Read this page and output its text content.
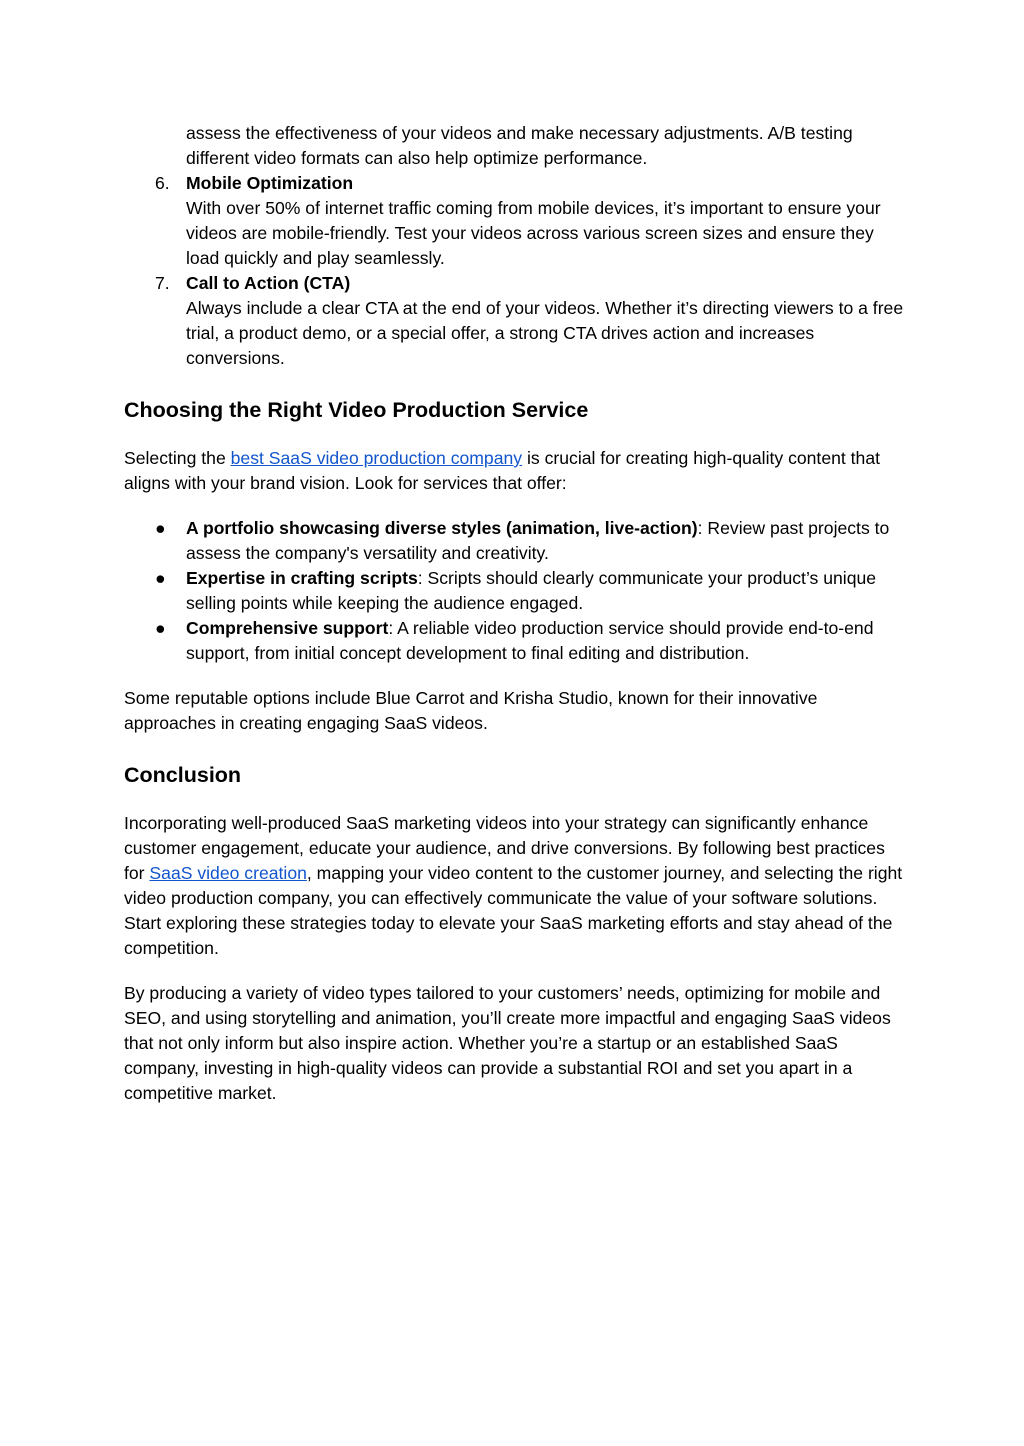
assess the effectiveness of your videos and make necessary adjustments. A/B testing different video formats can also help optimize performance.

6. Mobile Optimization
With over 50% of internet traffic coming from mobile devices, it’s important to ensure your videos are mobile-friendly. Test your videos across various screen sizes and ensure they load quickly and play seamlessly.
7. Call to Action (CTA)
Always include a clear CTA at the end of your videos. Whether it’s directing viewers to a free trial, a product demo, or a special offer, a strong CTA drives action and increases conversions.
Choosing the Right Video Production Service

Selecting the best SaaS video production company is crucial for creating high-quality content that aligns with your brand vision. Look for services that offer:

● A portfolio showcasing diverse styles (animation, live-action): Review past projects to assess the company's versatility and creativity.
● Expertise in crafting scripts: Scripts should clearly communicate your product’s unique selling points while keeping the audience engaged.
● Comprehensive support: A reliable video production service should provide end-to-end support, from initial concept development to final editing and distribution.

Some reputable options include Blue Carrot and Krisha Studio, known for their innovative approaches in creating engaging SaaS videos.

Conclusion

Incorporating well-produced SaaS marketing videos into your strategy can significantly enhance customer engagement, educate your audience, and drive conversions. By following best practices for SaaS video creation, mapping your video content to the customer journey, and selecting the right video production company, you can effectively communicate the value of your software solutions. Start exploring these strategies today to elevate your SaaS marketing efforts and stay ahead of the competition.

By producing a variety of video types tailored to your customers’ needs, optimizing for mobile and SEO, and using storytelling and animation, you’ll create more impactful and engaging SaaS videos that not only inform but also inspire action. Whether you’re a startup or an established SaaS company, investing in high-quality videos can provide a substantial ROI and set you apart in a competitive market.
